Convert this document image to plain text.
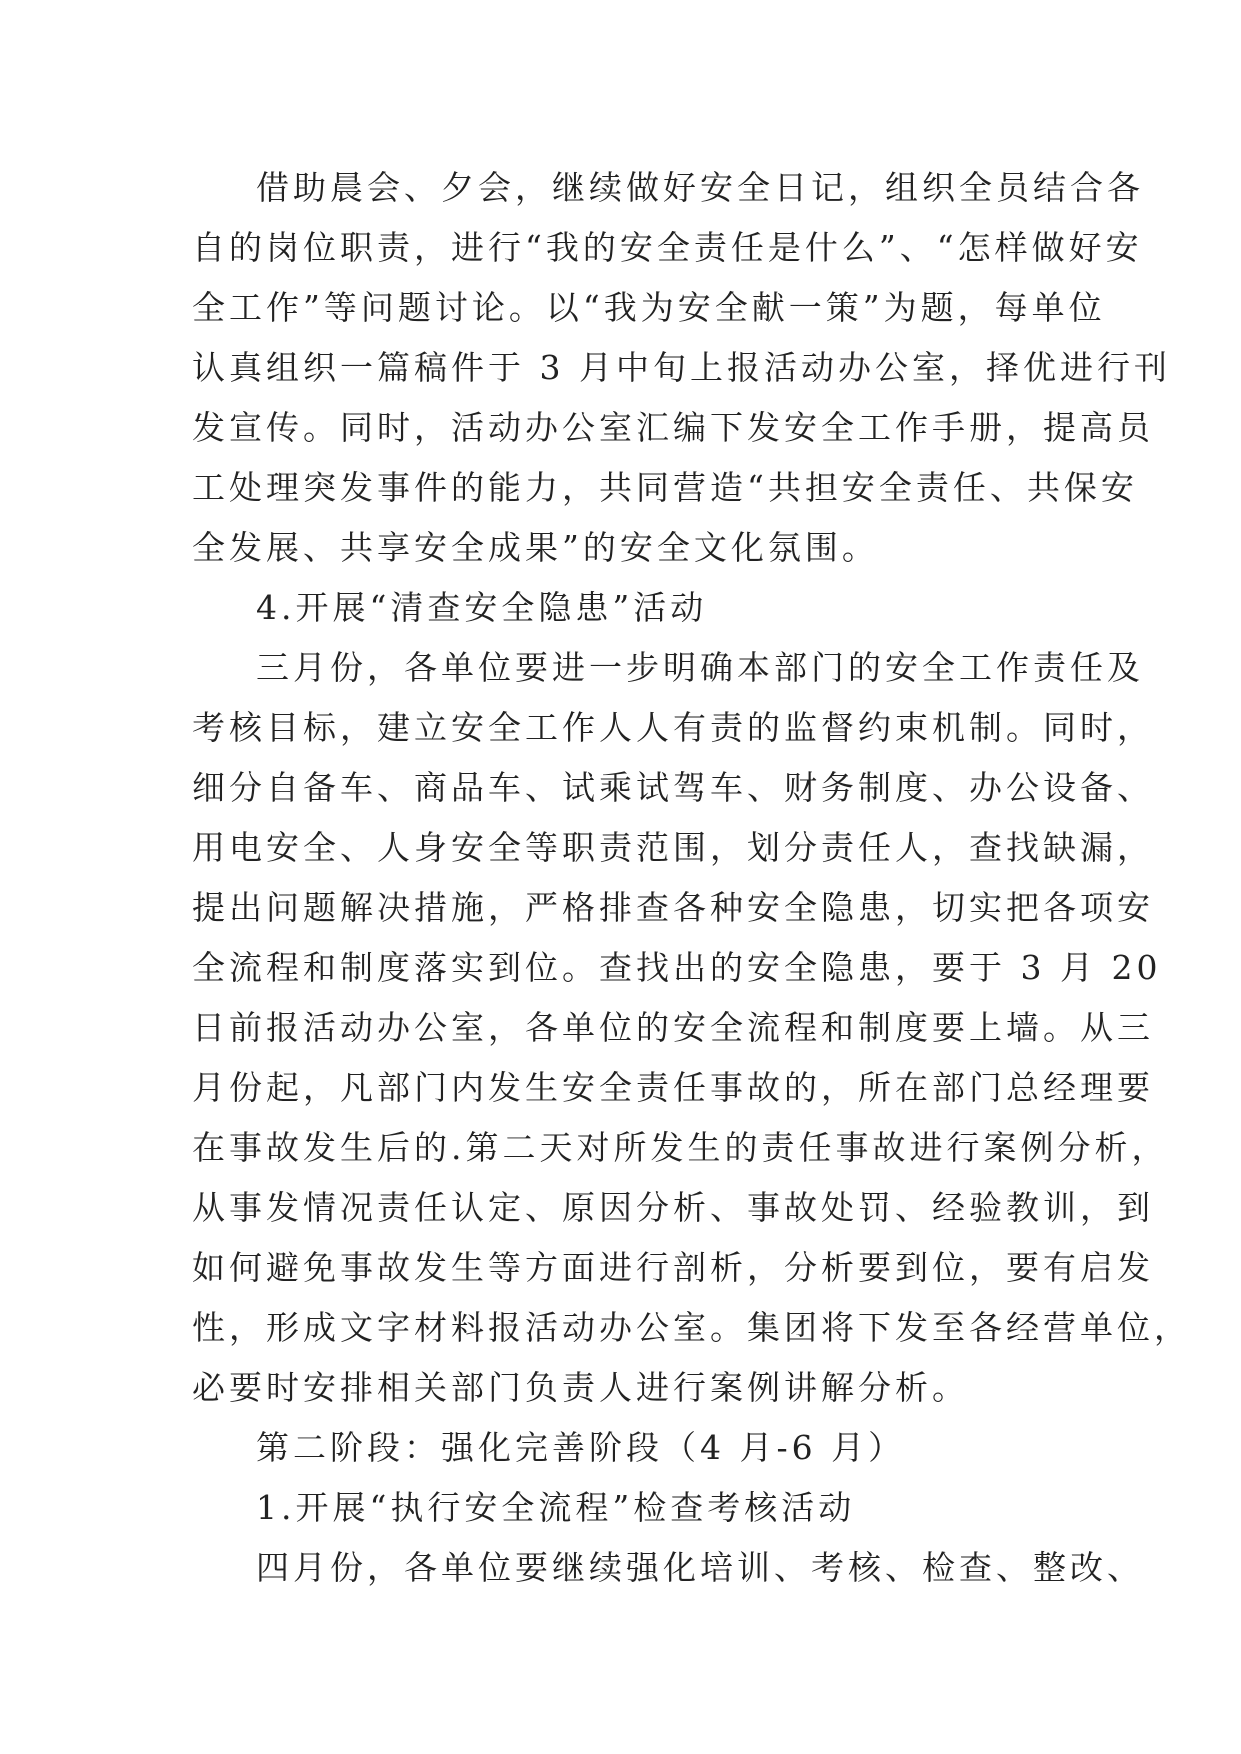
借助晨会、夕会，继续做好安全日记，组织全员结合各
自的岗位职责，进行“我的安全责任是什么”、“怎样做好安
全工作”等问题讨论。以“我为安全献一策”为题，每单位
认真组织一篇稿件于 3 月中旬上报活动办公室，择优进行刊
发宣传。同时，活动办公室汇编下发安全工作手册，提高员
工处理突发事件的能力，共同营造“共担安全责任、共保安
全发展、共享安全成果”的安全文化氛围。
4.开展“清查安全隐患”活动
三月份，各单位要进一步明确本部门的安全工作责任及
考核目标，建立安全工作人人有责的监督约束机制。同时，
细分自备车、商品车、试乘试驾车、财务制度、办公设备、
用电安全、人身安全等职责范围，划分责任人，查找缺漏，
提出问题解决措施，严格排查各种安全隐患，切实把各项安
全流程和制度落实到位。查找出的安全隐患，要于 3 月 20
日前报活动办公室，各单位的安全流程和制度要上墙。从三
月份起，凡部门内发生安全责任事故的，所在部门总经理要
在事故发生后的.第二天对所发生的责任事故进行案例分析，
从事发情况责任认定、原因分析、事故处罚、经验教训，到
如何避免事故发生等方面进行剖析，分析要到位，要有启发
性，形成文字材料报活动办公室。集团将下发至各经营单位，
必要时安排相关部门负责人进行案例讲解分析。
第二阶段：强化完善阶段（4 月-6 月）
1.开展“执行安全流程”检查考核活动
四月份，各单位要继续强化培训、考核、检查、整改、
